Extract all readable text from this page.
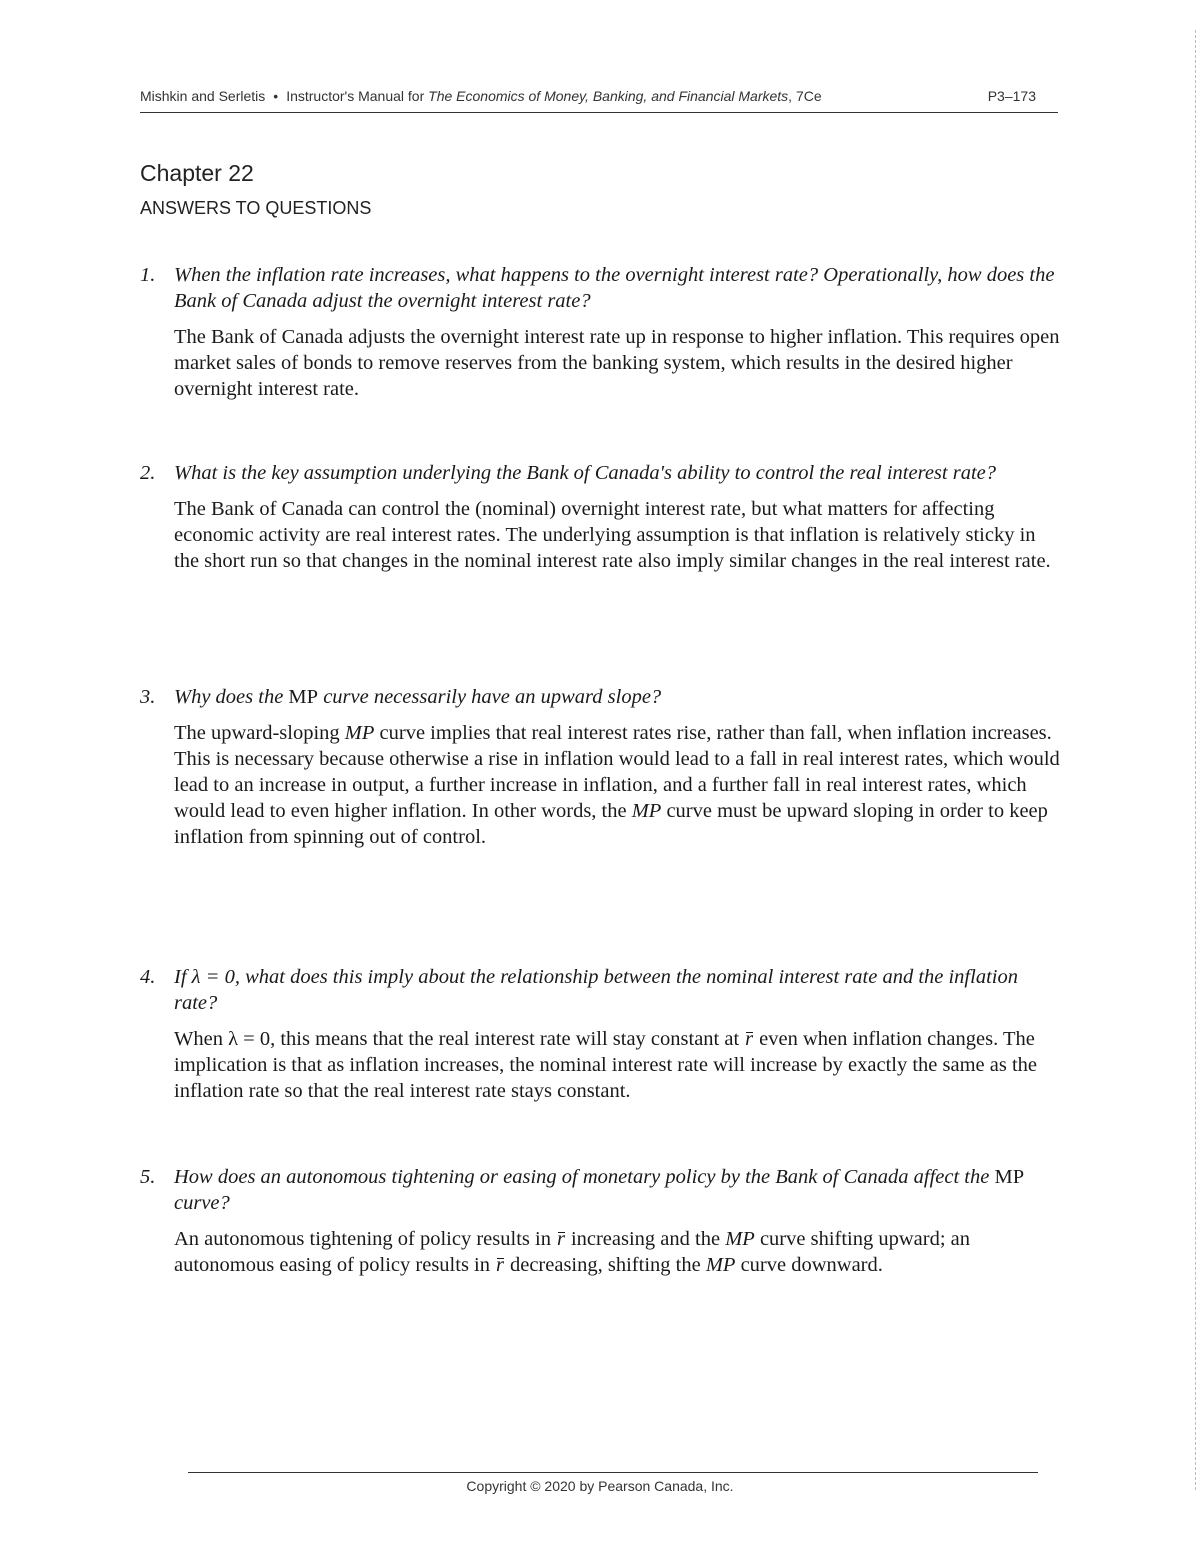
Mishkin and Serletis • Instructor's Manual for The Economics of Money, Banking, and Financial Markets, 7Ce	P3–173
Chapter 22
ANSWERS TO QUESTIONS

1. When the inflation rate increases, what happens to the overnight interest rate? Operationally, how does the Bank of Canada adjust the overnight interest rate?

The Bank of Canada adjusts the overnight interest rate up in response to higher inflation. This requires open market sales of bonds to remove reserves from the banking system, which results in the desired higher overnight interest rate.

2. What is the key assumption underlying the Bank of Canada's ability to control the real interest rate?

The Bank of Canada can control the (nominal) overnight interest rate, but what matters for affecting economic activity are real interest rates. The underlying assumption is that inflation is relatively sticky in the short run so that changes in the nominal interest rate also imply similar changes in the real interest rate.

3. Why does the MP curve necessarily have an upward slope?

The upward-sloping MP curve implies that real interest rates rise, rather than fall, when inflation increases. This is necessary because otherwise a rise in inflation would lead to a fall in real interest rates, which would lead to an increase in output, a further increase in inflation, and a further fall in real interest rates, which would lead to even higher inflation. In other words, the MP curve must be upward sloping in order to keep inflation from spinning out of control.

4. If λ = 0, what does this imply about the relationship between the nominal interest rate and the inflation rate?

When λ = 0, this means that the real interest rate will stay constant at r even when inflation changes. The implication is that as inflation increases, the nominal interest rate will increase by exactly the same as the inflation rate so that the real interest rate stays constant.

5. How does an autonomous tightening or easing of monetary policy by the Bank of Canada affect the MP curve?

An autonomous tightening of policy results in r increasing and the MP curve shifting upward; an autonomous easing of policy results in r decreasing, shifting the MP curve downward.

Copyright © 2020 by Pearson Canada, Inc.
